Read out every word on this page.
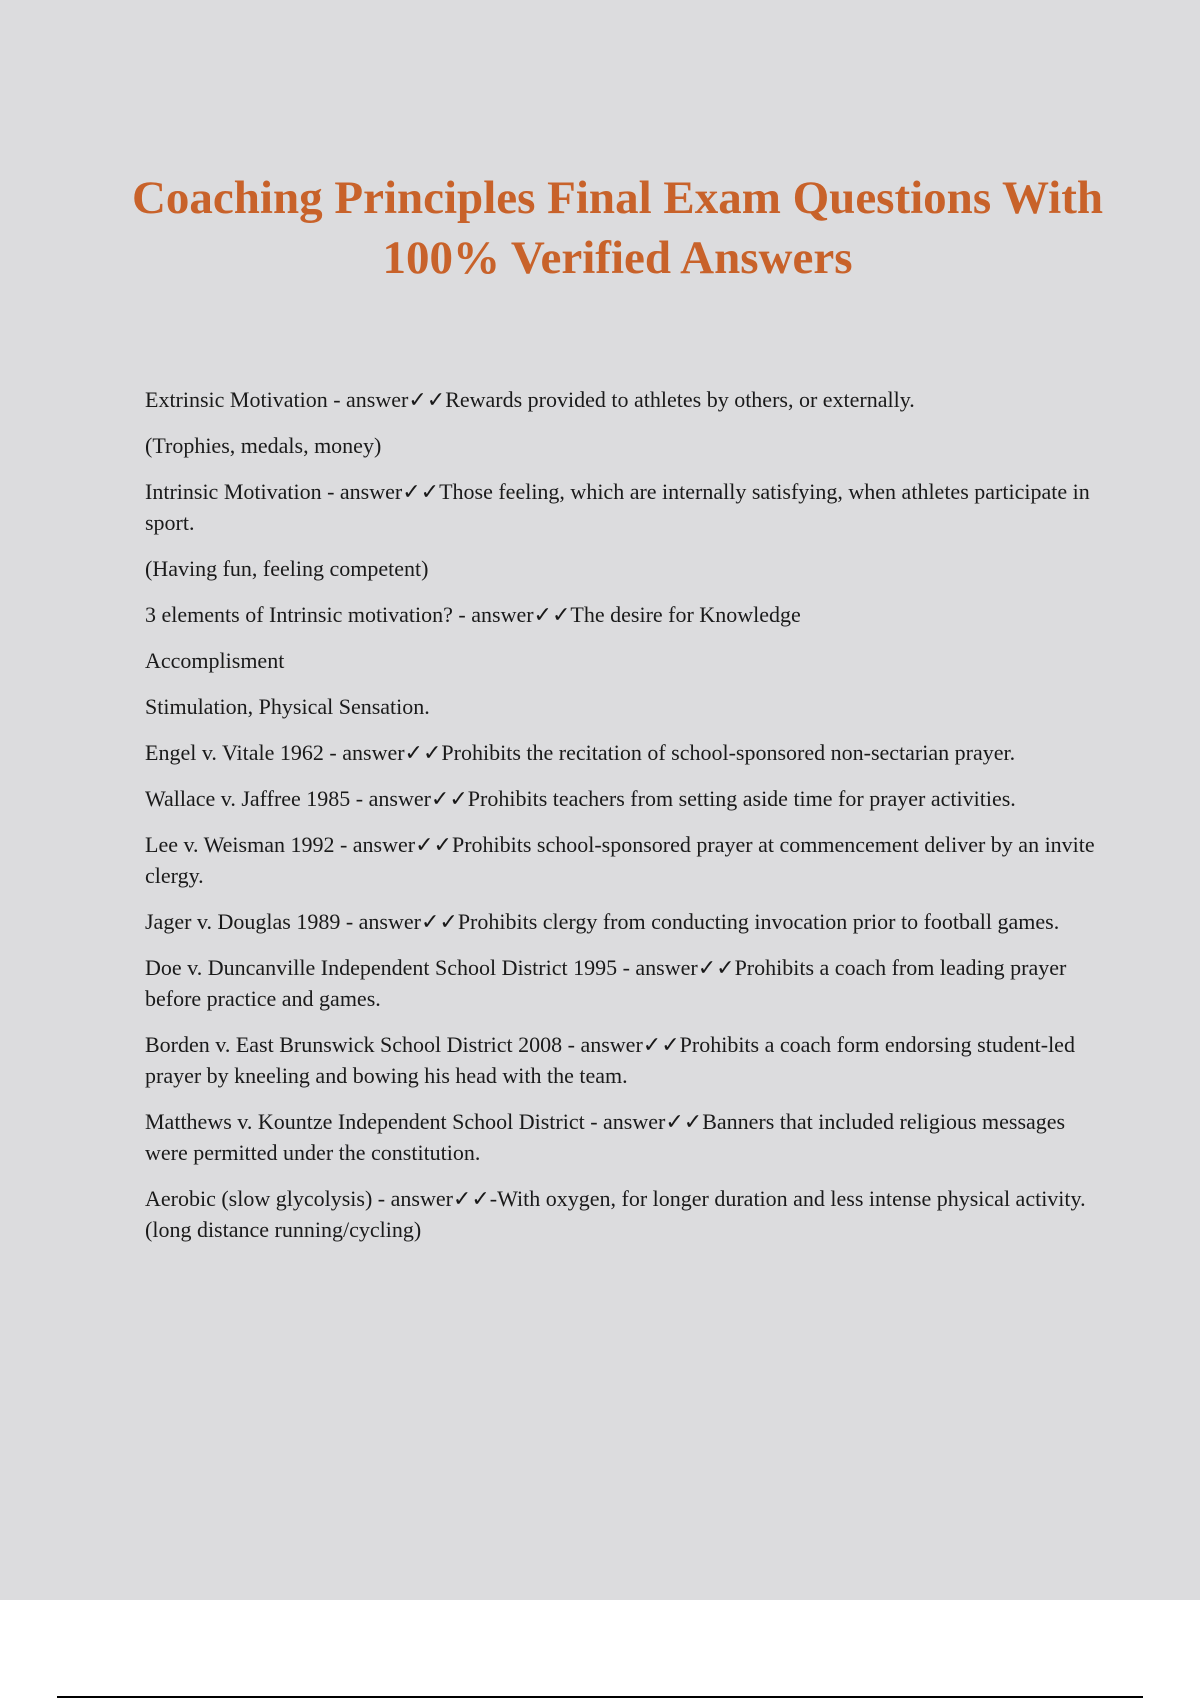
Coaching Principles Final Exam Questions With 100% Verified Answers
Extrinsic Motivation - answer✓✓Rewards provided to athletes by others, or externally.
(Trophies, medals, money)
Intrinsic Motivation - answer✓✓Those feeling, which are internally satisfying, when athletes participate in sport.
(Having fun, feeling competent)
3 elements of Intrinsic motivation? - answer✓✓The desire for Knowledge
Accomplisment
Stimulation, Physical Sensation.
Engel v. Vitale 1962 - answer✓✓Prohibits the recitation of school-sponsored non-sectarian prayer.
Wallace v. Jaffree 1985 - answer✓✓Prohibits teachers from setting aside time for prayer activities.
Lee v. Weisman 1992 - answer✓✓Prohibits school-sponsored prayer at commencement deliver by an invite clergy.
Jager v. Douglas 1989 - answer✓✓Prohibits clergy from conducting invocation prior to football games.
Doe v. Duncanville Independent School District 1995 - answer✓✓Prohibits a coach from leading prayer before practice and games.
Borden v. East Brunswick School District 2008 - answer✓✓Prohibits a coach form endorsing student-led prayer by kneeling and bowing his head with the team.
Matthews v. Kountze Independent School District - answer✓✓Banners that included religious messages were permitted under the constitution.
Aerobic (slow glycolysis) - answer✓✓-With oxygen, for longer duration and less intense physical activity. (long distance running/cycling)
